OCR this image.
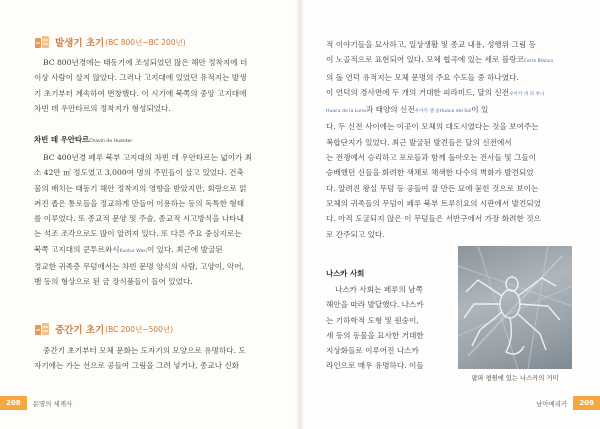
발생기 초기 (BC 800년~BC 200년)
BC 800년경에는 태동기에 조성되었던 많은 해안 정착지에 더
이상 사람이 살지 않았다. 그러나 고지대에 있었던 유적지는 발생
기 초기부터 계속하여 번창했다. 이 시기에 북쪽의 중앙 고지대에
차빈 데 우안타르의 정착지가 형성되었다.
차빈 데 우안타르Chavín de Huántar
BC 400년경 페루 북부 고지대의 차빈 데 우안타르는 넓이가 최
소 42만 ㎡ 정도였고 3,000여 명의 주민들이 살고 있었다. 건축
물의 배치는 태동기 해안 정착지의 영향을 받았지만, 회랑으로 얽
켜진 좁은 통로들을 정교하게 만들어 이용하는 등의 독특한 형태
를 이루었다. 또 종교적 문양 및 주술, 종교적 시고방식을 나타내
는 석조 조각으로도 많이 알려져 있다. 또 다른 주요 중심지로는
북쪽 고지대의 쿤투르와시Kuntur Wasi이 있다. 최근에 발굴된
정교한 귀족층 무덤에서는 차빈 문명 양식의 사람, 고양이, 악어,
뱀 등의 형상으로 된 금 장식품들이 들어 있었다.
중간기 초기 (BC 200년~500년)
중간기 초기부터 모체 문화는 도자기의 모양으로 유명하다. 도
자기에는 가는 선으로 공들여 그림을 그려 넣거나, 종교나 신화
208	문명의 세계사
적 이야기들을 묘사하고, 일상생활 및 종교 내용, 성행위 그림 등
이 노골적으로 표현되어 있다. 모체 협곡에 있는 세로 블랑코Cerro Blanco
의 돌 언덕 유적지는 모체 문명의 주요 수도들 중 하나였다.
이 언덕의 경사면에 두 개의 거대한 피라미드, 달의 신전우아카 데 라 루나
Huaca de la Luna과 태양의 신전우아카 델 솔Huaca del Sol이 있
다. 두 신전 사이에는 이곳이 모체의 대도시였다는 것을 보여주는
복합단지가 있었다. 최근 발굴된 발견들은 달의 신전에서
는 전쟁에서 승리하고 포로들과 함께 돌아오는 전사들 및 그들이
승배했던 신들을 화려한 색채로 채색한 다수의 벽화가 발견되었
다. 알려진 왕실 무덤 등 공들여 잘 만든 묘에 묻힌 것으로 보이는
모체의 귀족들의 무덤이 페루 북부 트루히요의 시판에서 발견되었
다. 아직 도굴되지 않은 이 무덤들은 서반구에서 가장 화려한 것으
로 간주되고 있다.
나스카 사회
나스카 사회는 페루의 남쪽
해안을 따라 발달했다. 나스카
는 기하학적 도형 및 원숭이,
새 등의 동물을 묘사한 거대한
지상화들로 이루어진 나스카
라인으로 매우 유명하다. 이들
팜파 평원에 있는 나스카의 거미
남아메리카	209
